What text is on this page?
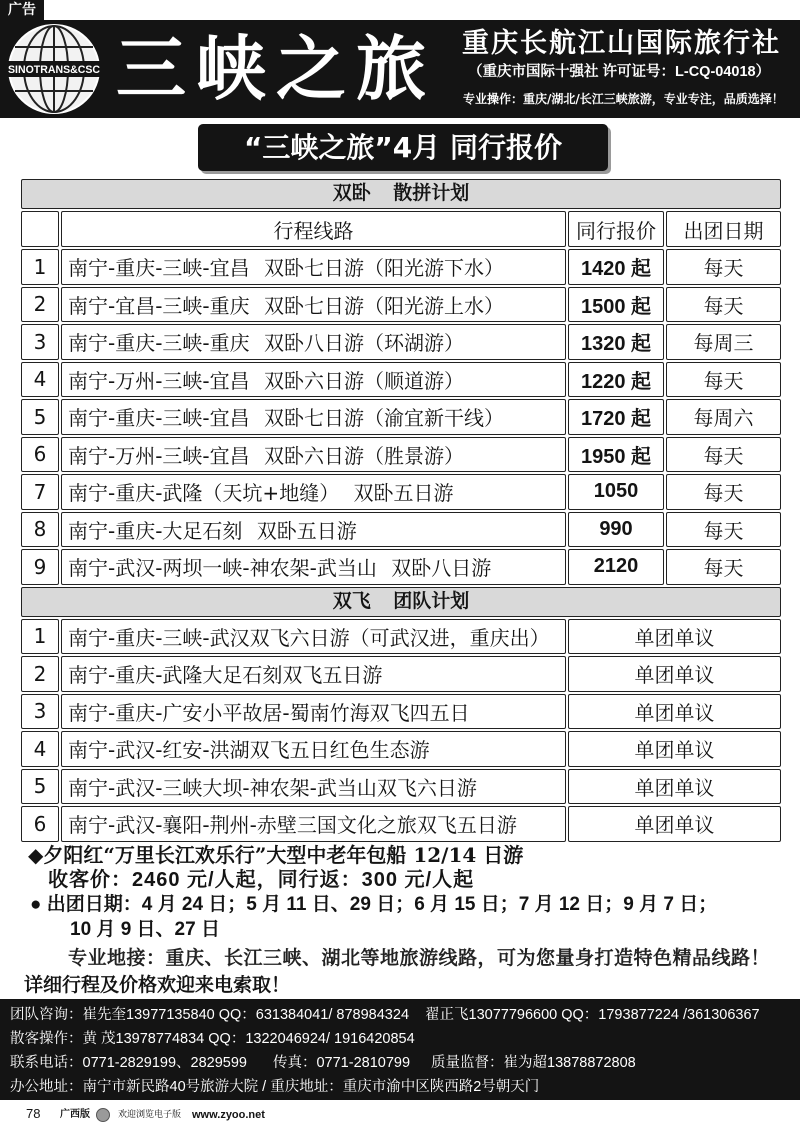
广告
SINOTRANS&CSC 三峡之旅 重庆长航江山国际旅行社
（重庆市国际十强社 许可证号：L-CQ-04018）
专业操作：重庆/湖北/长江三峡旅游，专业专注，品质选择！
“三峡之旅”4月 同行报价
双卧 散拼计划
行程线路	同行报价	出团日期
1	南宁-重庆-三峡-宜昌 双卧七日游（阳光游下水）	1420 起	每天
2	南宁-宜昌-三峡-重庆 双卧七日游（阳光游上水）	1500 起	每天
3	南宁-重庆-三峡-重庆 双卧八日游（环湖游）	1320 起	每周三
4	南宁-万州-三峡-宜昌 双卧六日游（顺道游）	1220 起	每天
5	南宁-重庆-三峡-宜昌 双卧七日游（渝宜新干线）	1720 起	每周六
6	南宁-万州-三峡-宜昌 双卧六日游（胜景游）	1950 起	每天
7	南宁-重庆-武隆（天坑+地缝） 双卧五日游	1050	每天
8	南宁-重庆-大足石刻 双卧五日游	990	每天
9	南宁-武汉-两坝一峡-神农架-武当山 双卧八日游	2120	每天
双飞 团队计划
1	南宁-重庆-三峡-武汉双飞六日游（可武汉进，重庆出）	单团单议
2	南宁-重庆-武隆大足石刻双飞五日游	单团单议
3	南宁-重庆-广安小平故居-蜀南竹海双飞四五日	单团单议
4	南宁-武汉-红安-洪湖双飞五日红色生态游	单团单议
5	南宁-武汉-三峡大坝-神农架-武当山双飞六日游	单团单议
6	南宁-武汉-襄阳-荆州-赤壁三国文化之旅双飞五日游	单团单议
◆夕阳红“万里长江欢乐行”大型中老年包船 12/14 日游
收客价：2460 元/人起，同行返：300 元/人起
● 出团日期：4 月 24 日；5 月 11 日、29 日；6 月 15 日；7 月 12 日；9 月 7 日；
10 月 9 日、27 日
专业地接：重庆、长江三峡、湖北等地旅游线路，可为您量身打造特色精品线路！
详细行程及价格欢迎来电索取！
团队咨询：崔先奎13977135840 QQ：631384041/ 878984324 翟正飞13077796600 QQ：1793877224 /361306367
散客操作：黄 茂13978774834 QQ：1322046924/ 1916420854
联系电话：0771-2829199、2829599 传真：0771-2810799 质量监督：崔为超13878872808
办公地址：南宁市新民路40号旅游大院 / 重庆地址：重庆市渝中区陕西路2号朝天门
78 广西版	欢迎浏览电子版 www.zyoo.net
